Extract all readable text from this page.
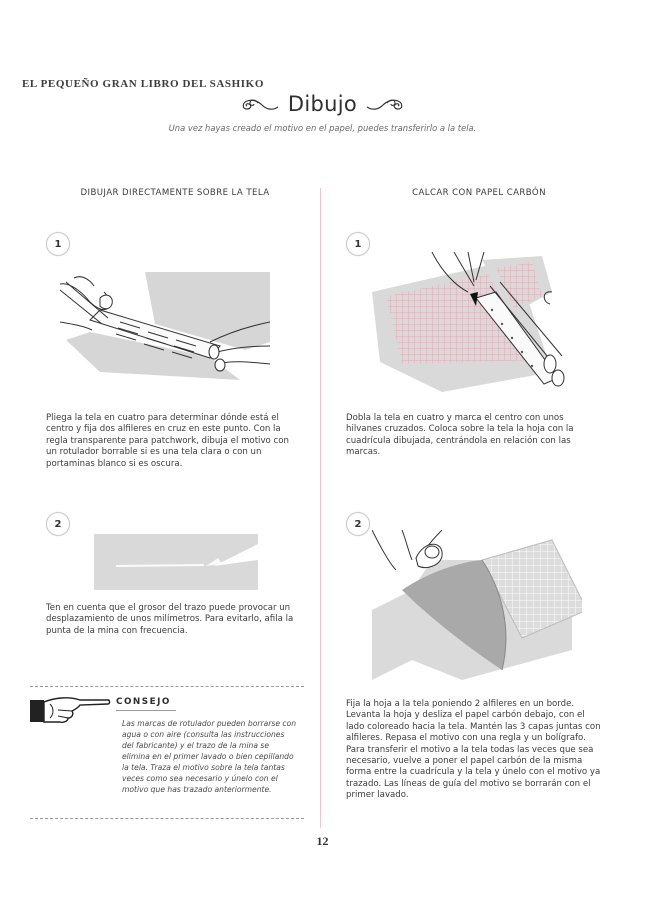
EL PEQUEÑO GRAN LIBRO DEL SASHIKO
Dibujo
Una vez hayas creado el motivo en el papel, puedes transferirlo a la tela.
DIBUJAR DIRECTAMENTE SOBRE LA TELA
1
Pliega la tela en cuatro para determinar dónde está el centro y fija dos alfileres en cruz en este punto. Con la regla transparente para patchwork, dibuja el motivo con un rotulador borrable si es una tela clara o con un portaminas blanco si es oscura.
2
Ten en cuenta que el grosor del trazo puede provocar un desplazamiento de unos milímetros. Para evitarlo, afila la punta de la mina con frecuencia.
CONSEJO
Las marcas de rotulador pueden borrarse con agua o con aire (consulta las instrucciones del fabricante) y el trazo de la mina se elimina en el primer lavado o bien cepillando la tela. Traza el motivo sobre la tela tantas veces como sea necesario y únelo con el motivo que has trazado anteriormente.
CALCAR CON PAPEL CARBÓN
1
Dobla la tela en cuatro y marca el centro con unos hilvanes cruzados. Coloca sobre la tela la hoja con la cuadrícula dibujada, centrándola en relación con las marcas.
2
Fija la hoja a la tela poniendo 2 alfileres en un borde. Levanta la hoja y desliza el papel carbón debajo, con el lado coloreado hacia la tela. Mantén las 3 capas juntas con alfileres. Repasa el motivo con una regla y un bolígrafo. Para transferir el motivo a la tela todas las veces que sea necesario, vuelve a poner el papel carbón de la misma forma entre la cuadrícula y la tela y únelo con el motivo ya trazado. Las líneas de guía del motivo se borrarán con el primer lavado.
12
